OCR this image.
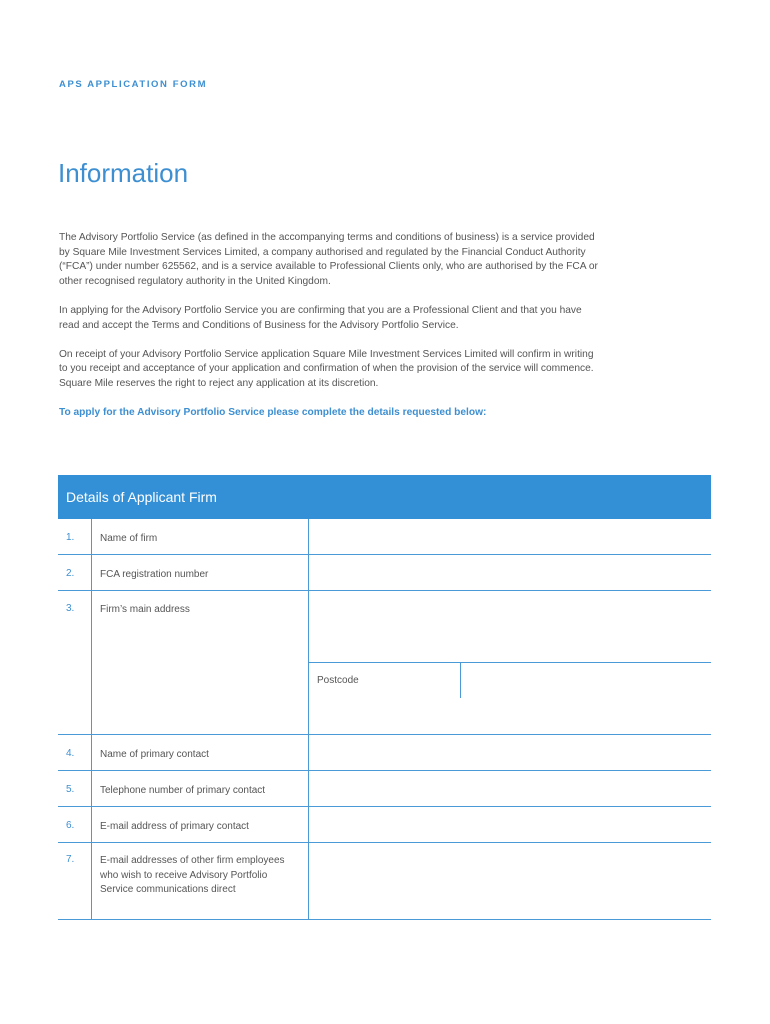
APS APPLICATION FORM
Information

The Advisory Portfolio Service (as defined in the accompanying terms and conditions of business) is a service provided by Square Mile Investment Services Limited, a company authorised and regulated by the Financial Conduct Authority (“FCA”) under number 625562, and is a service available to Professional Clients only, who are authorised by the FCA or other recognised regulatory authority in the United Kingdom.

In applying for the Advisory Portfolio Service you are confirming that you are a Professional Client and that you have read and accept the Terms and Conditions of Business for the Advisory Portfolio Service.

On receipt of your Advisory Portfolio Service application Square Mile Investment Services Limited will confirm in writing to you receipt and acceptance of your application and confirmation of when the provision of the service will commence. Square Mile reserves the right to reject any application at its discretion.

To apply for the Advisory Portfolio Service please complete the details requested below:

Details of Applicant Firm
1.	Name of firm
2.	FCA registration number
3.	Firm’s main address
Postcode
4.	Name of primary contact
5.	Telephone number of primary contact
6.	E-mail address of primary contact
7.	E-mail addresses of other firm employees who wish to receive Advisory Portfolio Service communications direct
